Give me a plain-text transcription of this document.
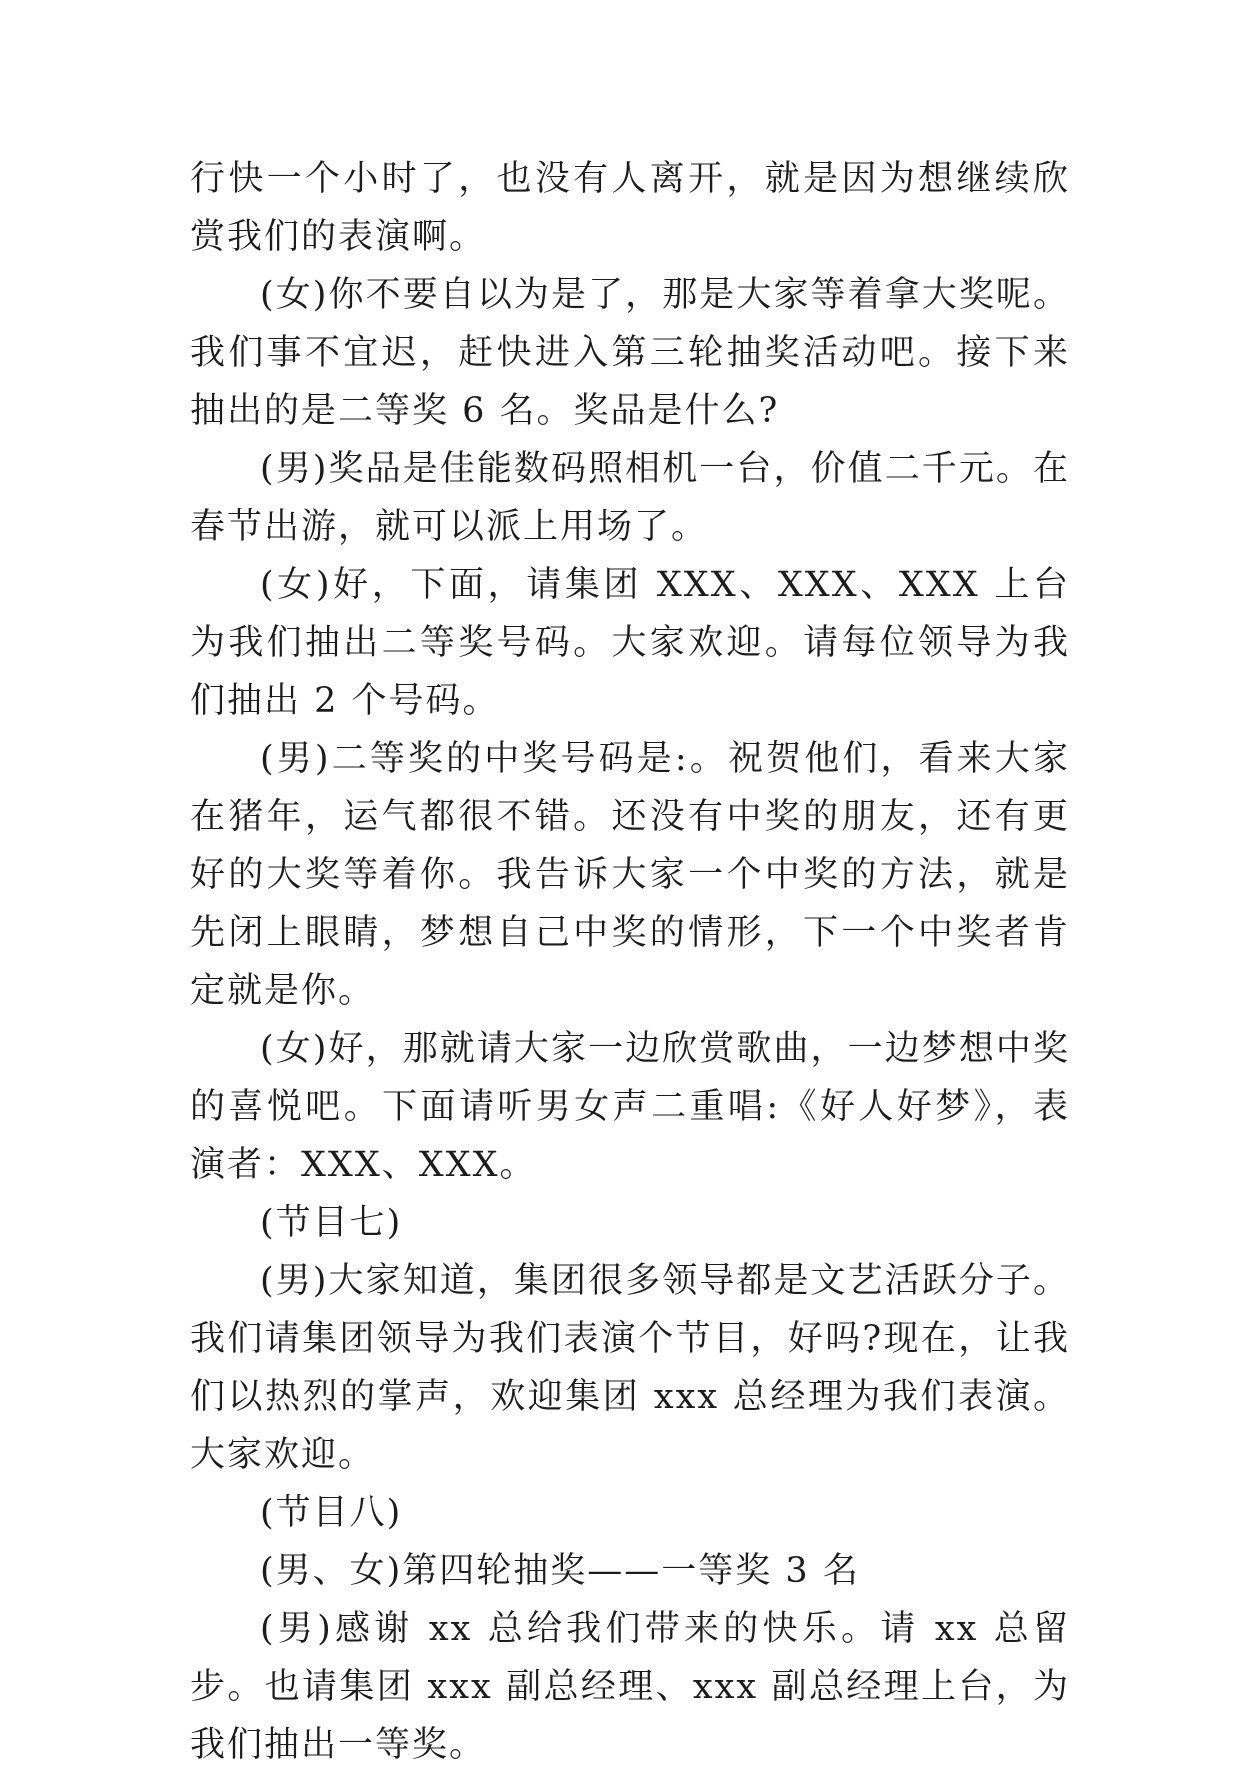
行快一个小时了，也没有人离开，就是因为想继续欣赏我们的表演啊。

(女)你不要自以为是了，那是大家等着拿大奖呢。我们事不宜迟，赶快进入第三轮抽奖活动吧。接下来抽出的是二等奖 6 名。奖品是什么?

(男)奖品是佳能数码照相机一台，价值二千元。在春节出游，就可以派上用场了。

(女)好，下面，请集团 XXX、XXX、XXX 上台为我们抽出二等奖号码。大家欢迎。请每位领导为我们抽出 2 个号码。

(男)二等奖的中奖号码是:。祝贺他们，看来大家在猪年，运气都很不错。还没有中奖的朋友，还有更好的大奖等着你。我告诉大家一个中奖的方法，就是先闭上眼睛，梦想自己中奖的情形，下一个中奖者肯定就是你。

(女)好，那就请大家一边欣赏歌曲，一边梦想中奖的喜悦吧。下面请听男女声二重唱:《好人好梦》，表演者：XXX、XXX。

(节目七)

(男)大家知道，集团很多领导都是文艺活跃分子。我们请集团领导为我们表演个节目，好吗?现在，让我们以热烈的掌声，欢迎集团 xxx 总经理为我们表演。大家欢迎。

(节目八)

(男、女)第四轮抽奖——一等奖 3 名

(男)感谢 xx 总给我们带来的快乐。请 xx 总留步。也请集团 xxx 副总经理、xxx 副总经理上台，为我们抽出一等奖。
